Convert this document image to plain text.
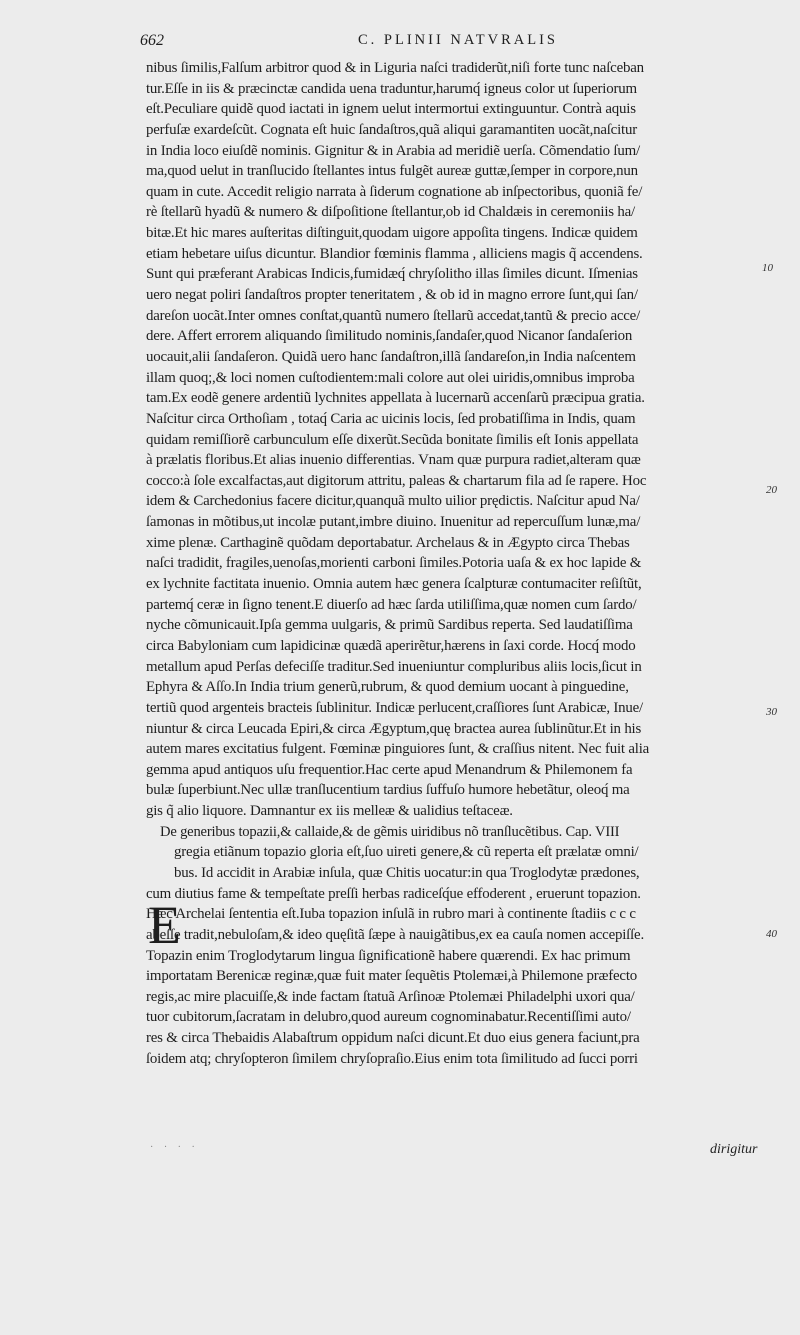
662	C. PLINII NATVRALIS
nibus ſimilis,Falſum arbitror quod & in Liguria naſci tradiderũt,niſi forte tunc naſceban
tur.Eſſe in iis & præcinctæ candida uena traduntur,harumq́ igneus color ut ſuperiorum
eſt.Peculiare quidẽ quod iactati in ignem uelut intermortui extinguuntur. Contrà aquis
perfuſæ exardeſcũt. Cognata eſt huic ſandaſtros,quã aliqui garamantiten uocãt,naſcitur
in India loco eiuſdẽ nominis. Gignitur & in Arabia ad meridiẽ uerſa. Cõmendatio ſum/
ma,quod uelut in tranſlucido ſtellantes intus fulgẽt aureæ guttæ,ſemper in corpore,nun
quam in cute. Accedit religio narrata à ſiderum cognatione ab inſpectoribus, quoniã fe/
rè ſtellarũ hyadũ & numero & diſpoſitione ſtellantur,ob id Chaldæis in ceremoniis ha/
bitæ.Et hic mares auſteritas diſtinguit,quodam uigore appoſita tingens. Indicæ quidem
etiam hebetare uiſus dicuntur. Blandior fœminis flamma , alliciens magis q̃ accendens.
Sunt qui præferant Arabicas Indicis,fumidæq́ chryſolitho illas ſimiles dicunt. Iſmenias
uero negat poliri ſandaſtros propter teneritatem , & ob id in magno errore ſunt,qui ſan/
dareſon uocãt.Inter omnes conſtat,quantũ numero ſtellarũ accedat,tantũ & precio acce/
dere. Affert errorem aliquando ſimilitudo nominis,ſandaſer,quod Nicanor ſandaſerion
uocauit,alii ſandaſeron. Quidã uero hanc ſandaſtron,illã ſandareſon,in India naſcentem
illam quoq;,& loci nomen cuſtodientem:mali colore aut olei uiridis,omnibus improba
tam.Ex eodẽ genere ardentiũ lychnites appellata à lucernarũ accenſarũ præcipua gratia.
Naſcitur circa Orthoſiam , totaq́ Caria ac uicinis locis, ſed probatiſſima in Indis, quam
quidam remiſſiorẽ carbunculum eſſe dixerũt.Secũda bonitate ſimilis eſt Ionis appellata
à prælatis floribus.Et alias inuenio differentias. Vnam quæ purpura radiet,alteram quæ
cocco:à ſole excalfactas,aut digitorum attritu, paleas & chartarum fila ad ſe rapere. Hoc
idem & Carchedonius facere dicitur,quanquã multo uilior prędictis. Naſcitur apud Na/
ſamonas in mõtibus,ut incolæ putant,imbre diuino. Inuenitur ad repercuſſum lunæ,ma/
xime plenæ. Carthaginẽ quõdam deportabatur. Archelaus & in Ægypto circa Thebas
naſci tradidit, fragiles,uenoſas,morienti carboni ſimiles.Potoria uaſa & ex hoc lapide &
ex lychnite factitata inuenio. Omnia autem hæc genera ſcalpturæ contumaciter reſiſtũt,
partemq́ ceræ in ſigno tenent.E diuerſo ad hæc ſarda utiliſſima,quæ nomen cum ſardo/
nyche cõmunicauit.Ipſa gemma uulgaris, & primũ Sardibus reperta. Sed laudatiſſima
circa Babyloniam cum lapidicinæ quædã aperirẽtur,hærens in ſaxi corde. Hocq́ modo
metallum apud Perſas defeciſſe traditur.Sed inueniuntur compluribus aliis locis,ſicut in
Ephyra & Aſſo.In India trium generũ,rubrum, & quod demium uocant à pinguedine,
tertiũ quod argenteis bracteis ſublinitur. Indicæ perlucent,craſſiores ſunt Arabicæ, Inue/
niuntur & circa Leucada Epiri,& circa Ægyptum,quę bractea aurea ſublinũtur.Et in his
autem mares excitatius fulgent. Fœminæ pinguiores ſunt, & craſſius nitent. Nec fuit alia
gemma apud antiquos uſu frequentior.Hac certe apud Menandrum & Philemonem fa
bulæ ſuperbiunt.Nec ullæ tranſlucentium tardius ſuffuſo humore hebetãtur, oleoq́ ma
gis q̃ alio liquore. Damnantur ex iis melleæ & ualidius teſtaceæ.
De generibus topazii,& callaide,& de gẽmis uiridibus nõ tranſlucẽtibus. Cap. VIII
gregia etiãnum topazio gloria eſt,ſuo uireti genere,& cũ reperta eſt prælatæ omni/
bus. Id accidit in Arabiæ inſula, quæ Chitis uocatur:in qua Troglodytæ prædones,
cum diutius fame & tempeſtate preſſi herbas radiceſq́ue effoderent , eruerunt topazion.
Hæc Archelai ſententia eſt.Iuba topazion inſulã in rubro mari à continente ſtadiis c c c
abeſſe tradit,nebuloſam,& ideo quęſitã ſæpe à nauigãtibus,ex ea cauſa nomen accepiſſe.
Topazin enim Troglodytarum lingua ſignificationẽ habere quærendi. Ex hac primum
importatam Berenicæ reginæ,quæ fuit mater ſequẽtis Ptolemæi,à Philemone præfecto
regis,ac mire placuiſſe,& inde factam ſtatuã Arſinoæ Ptolemæi Philadelphi uxori qua/
tuor cubitorum,ſacratam in delubro,quod aureum cognominabatur.Recentiſſimi auto/
res & circa Thebaidis Alabaſtrum oppidum naſci dicunt.Et duo eius genera faciunt,pra
ſoidem atq; chryſopteron ſimilem chryſopraſio.Eius enim tota ſimilitudo ad ſucci porri
E
10
20
30
40
· · · ·	dirigitur
